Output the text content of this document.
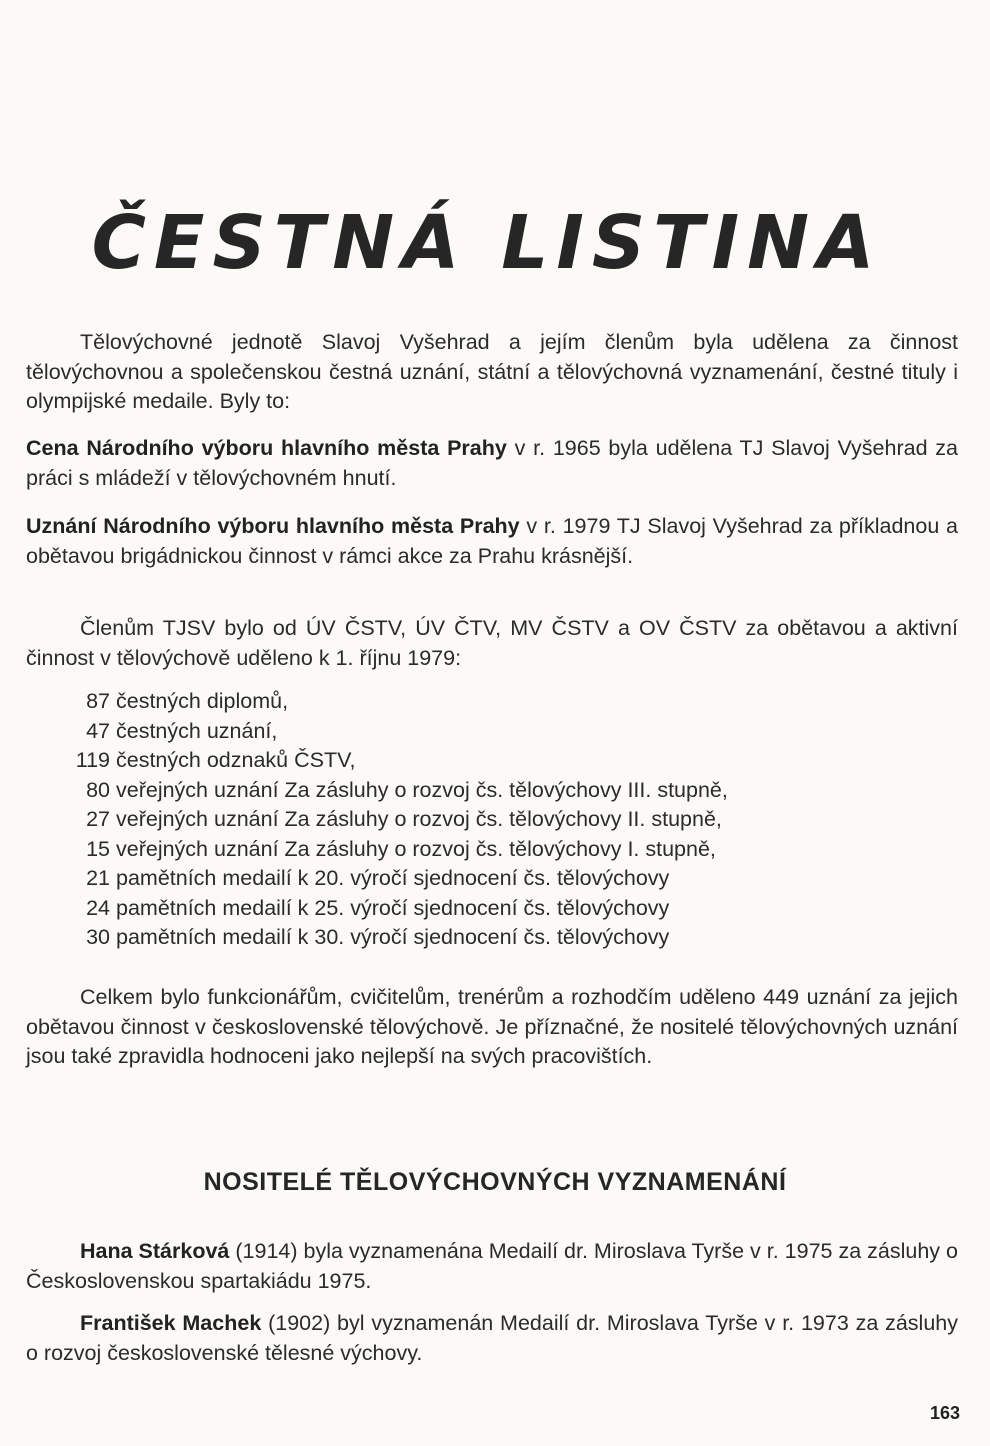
ČESTNÁ LISTINA

Tělovýchovné jednotě Slavoj Vyšehrad a jejím členům byla udělena za činnost tělovýchovnou a společenskou čestná uznání, státní a tělovýchovná vyznamenání, čestné tituly i olympijské medaile. Byly to:

Cena Národního výboru hlavního města Prahy v r. 1965 byla udělena TJ Slavoj Vyšehrad za práci s mládeží v tělovýchovném hnutí.

Uznání Národního výboru hlavního města Prahy v r. 1979 TJ Slavoj Vyšehrad za příkladnou a obětavou brigádnickou činnost v rámci akce za Prahu krásnější.

Členům TJSV bylo od ÚV ČSTV, ÚV ČTV, MV ČSTV a OV ČSTV za obětavou a aktivní činnost v tělovýchově uděleno k 1. říjnu 1979:

87 čestných diplomů,
47 čestných uznání,
119 čestných odznaků ČSTV,
80 veřejných uznání Za zásluhy o rozvoj čs. tělovýchovy III. stupně,
27 veřejných uznání Za zásluhy o rozvoj čs. tělovýchovy II. stupně,
15 veřejných uznání Za zásluhy o rozvoj čs. tělovýchovy I. stupně,
21 pamětních medailí k 20. výročí sjednocení čs. tělovýchovy
24 pamětních medailí k 25. výročí sjednocení čs. tělovýchovy
30 pamětních medailí k 30. výročí sjednocení čs. tělovýchovy

Celkem bylo funkcionářům, cvičitelům, trenérům a rozhodčím uděleno 449 uznání za jejich obětavou činnost v československé tělovýchově. Je příznačné, že nositelé tělovýchovných uznání jsou také zpravidla hodnoceni jako nejlepší na svých pracovištích.

NOSITELÉ TĚLOVÝCHOVNÝCH VYZNAMENÁNÍ

Hana Stárková (1914) byla vyznamenána Medailí dr. Miroslava Tyrše v r. 1975 za zásluhy o Československou spartakiádu 1975.

František Machek (1902) byl vyznamenán Medailí dr. Miroslava Tyrše v r. 1973 za zásluhy o rozvoj československé tělesné výchovy.

163
